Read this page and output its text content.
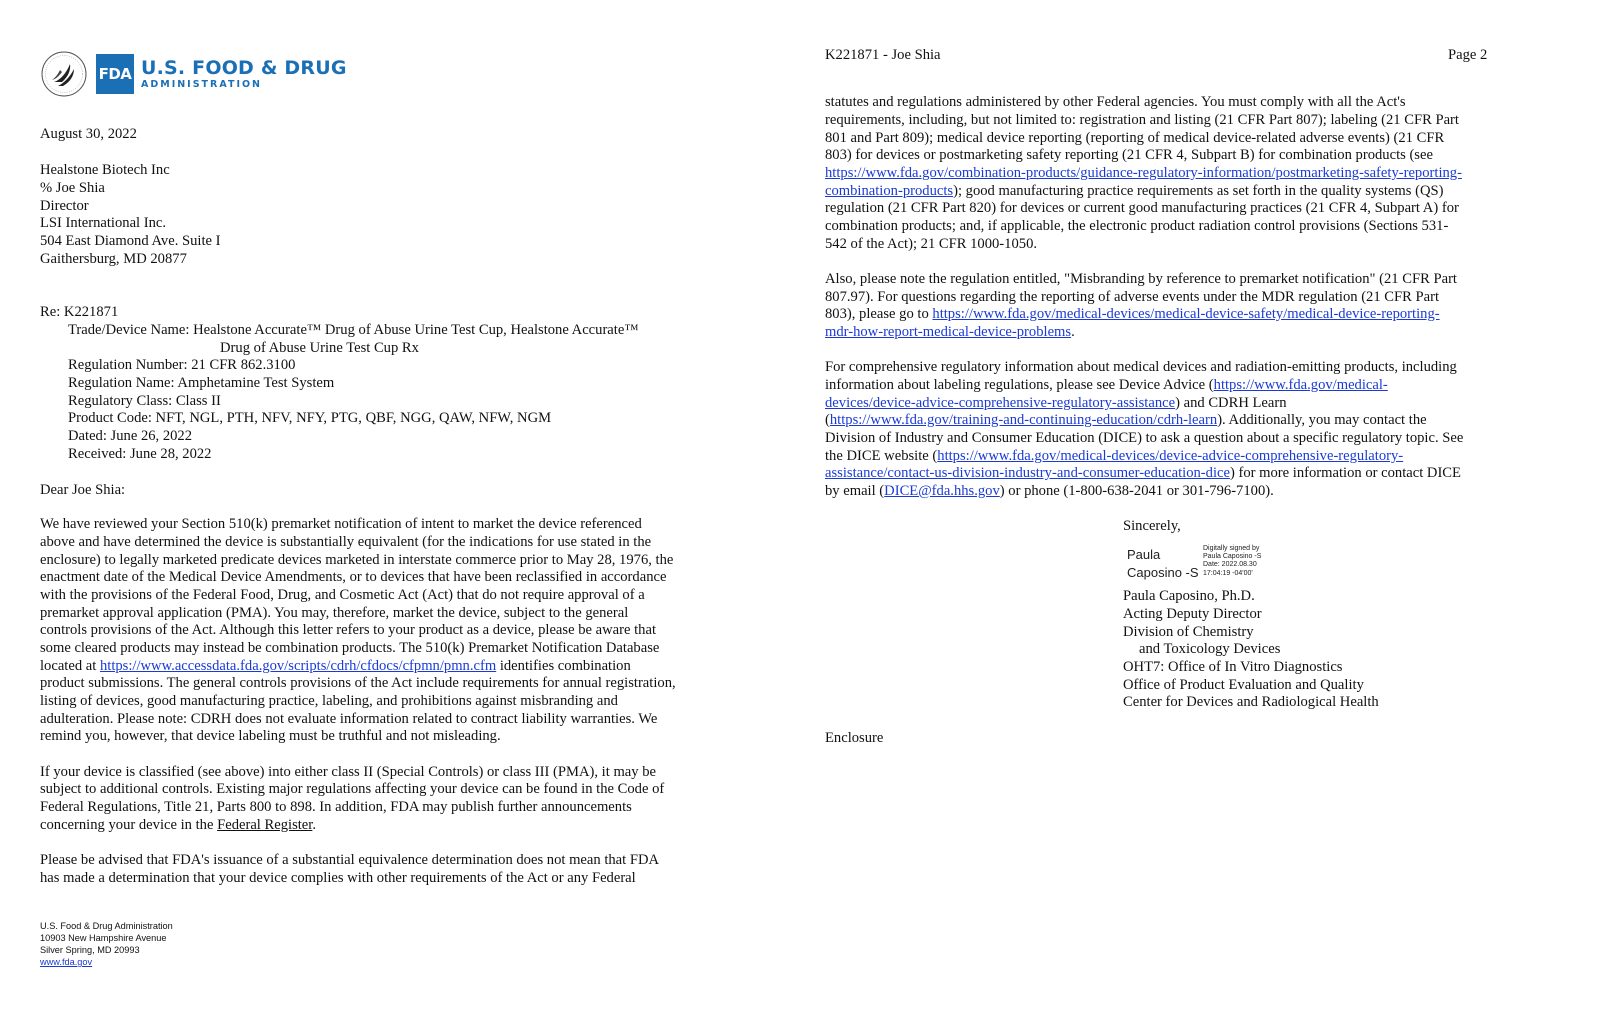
FDA U.S. FOOD & DRUG
ADMINISTRATION
August 30, 2022
Healstone Biotech Inc
% Joe Shia
Director
LSI International Inc.
504 East Diamond Ave. Suite I
Gaithersburg, MD 20877
Re: K221871
Trade/Device Name: Healstone Accurate™ Drug of Abuse Urine Test Cup, Healstone Accurate™
Drug of Abuse Urine Test Cup Rx
Regulation Number: 21 CFR 862.3100
Regulation Name: Amphetamine Test System
Regulatory Class: Class II
Product Code: NFT, NGL, PTH, NFV, NFY, PTG, QBF, NGG, QAW, NFW, NGM
Dated: June 26, 2022
Received: June 28, 2022
Dear Joe Shia:
We have reviewed your Section 510(k) premarket notification of intent to market the device referenced
above and have determined the device is substantially equivalent (for the indications for use stated in the
enclosure) to legally marketed predicate devices marketed in interstate commerce prior to May 28, 1976, the
enactment date of the Medical Device Amendments, or to devices that have been reclassified in accordance
with the provisions of the Federal Food, Drug, and Cosmetic Act (Act) that do not require approval of a
premarket approval application (PMA). You may, therefore, market the device, subject to the general
controls provisions of the Act. Although this letter refers to your product as a device, please be aware that
some cleared products may instead be combination products. The 510(k) Premarket Notification Database
located at https://www.accessdata.fda.gov/scripts/cdrh/cfdocs/cfpmn/pmn.cfm identifies combination
product submissions. The general controls provisions of the Act include requirements for annual registration,
listing of devices, good manufacturing practice, labeling, and prohibitions against misbranding and
adulteration. Please note: CDRH does not evaluate information related to contract liability warranties. We
remind you, however, that device labeling must be truthful and not misleading.
If your device is classified (see above) into either class II (Special Controls) or class III (PMA), it may be
subject to additional controls. Existing major regulations affecting your device can be found in the Code of
Federal Regulations, Title 21, Parts 800 to 898. In addition, FDA may publish further announcements
concerning your device in the Federal Register.
Please be advised that FDA's issuance of a substantial equivalence determination does not mean that FDA
has made a determination that your device complies with other requirements of the Act or any Federal
U.S. Food & Drug Administration
10903 New Hampshire Avenue
Silver Spring, MD 20993
www.fda.gov
K221871 - Joe Shia	Page 2
statutes and regulations administered by other Federal agencies. You must comply with all the Act's
requirements, including, but not limited to: registration and listing (21 CFR Part 807); labeling (21 CFR Part
801 and Part 809); medical device reporting (reporting of medical device-related adverse events) (21 CFR
803) for devices or postmarketing safety reporting (21 CFR 4, Subpart B) for combination products (see
https://www.fda.gov/combination-products/guidance-regulatory-information/postmarketing-safety-reporting-
combination-products); good manufacturing practice requirements as set forth in the quality systems (QS)
regulation (21 CFR Part 820) for devices or current good manufacturing practices (21 CFR 4, Subpart A) for
combination products; and, if applicable, the electronic product radiation control provisions (Sections 531-
542 of the Act); 21 CFR 1000-1050.
Also, please note the regulation entitled, "Misbranding by reference to premarket notification" (21 CFR Part
807.97). For questions regarding the reporting of adverse events under the MDR regulation (21 CFR Part
803), please go to https://www.fda.gov/medical-devices/medical-device-safety/medical-device-reporting-
mdr-how-report-medical-device-problems.
For comprehensive regulatory information about medical devices and radiation-emitting products, including
information about labeling regulations, please see Device Advice (https://www.fda.gov/medical-
devices/device-advice-comprehensive-regulatory-assistance) and CDRH Learn
(https://www.fda.gov/training-and-continuing-education/cdrh-learn). Additionally, you may contact the
Division of Industry and Consumer Education (DICE) to ask a question about a specific regulatory topic. See
the DICE website (https://www.fda.gov/medical-devices/device-advice-comprehensive-regulatory-
assistance/contact-us-division-industry-and-consumer-education-dice) for more information or contact DICE
by email (DICE@fda.hhs.gov) or phone (1-800-638-2041 or 301-796-7100).
Sincerely,
Paula
Caposino -S
Digitally signed by
Paula Caposino -S
Date: 2022.08.30
17:04:19 -04'00'
Paula Caposino, Ph.D.
Acting Deputy Director
Division of Chemistry
and Toxicology Devices
OHT7: Office of In Vitro Diagnostics
Office of Product Evaluation and Quality
Center for Devices and Radiological Health
Enclosure
